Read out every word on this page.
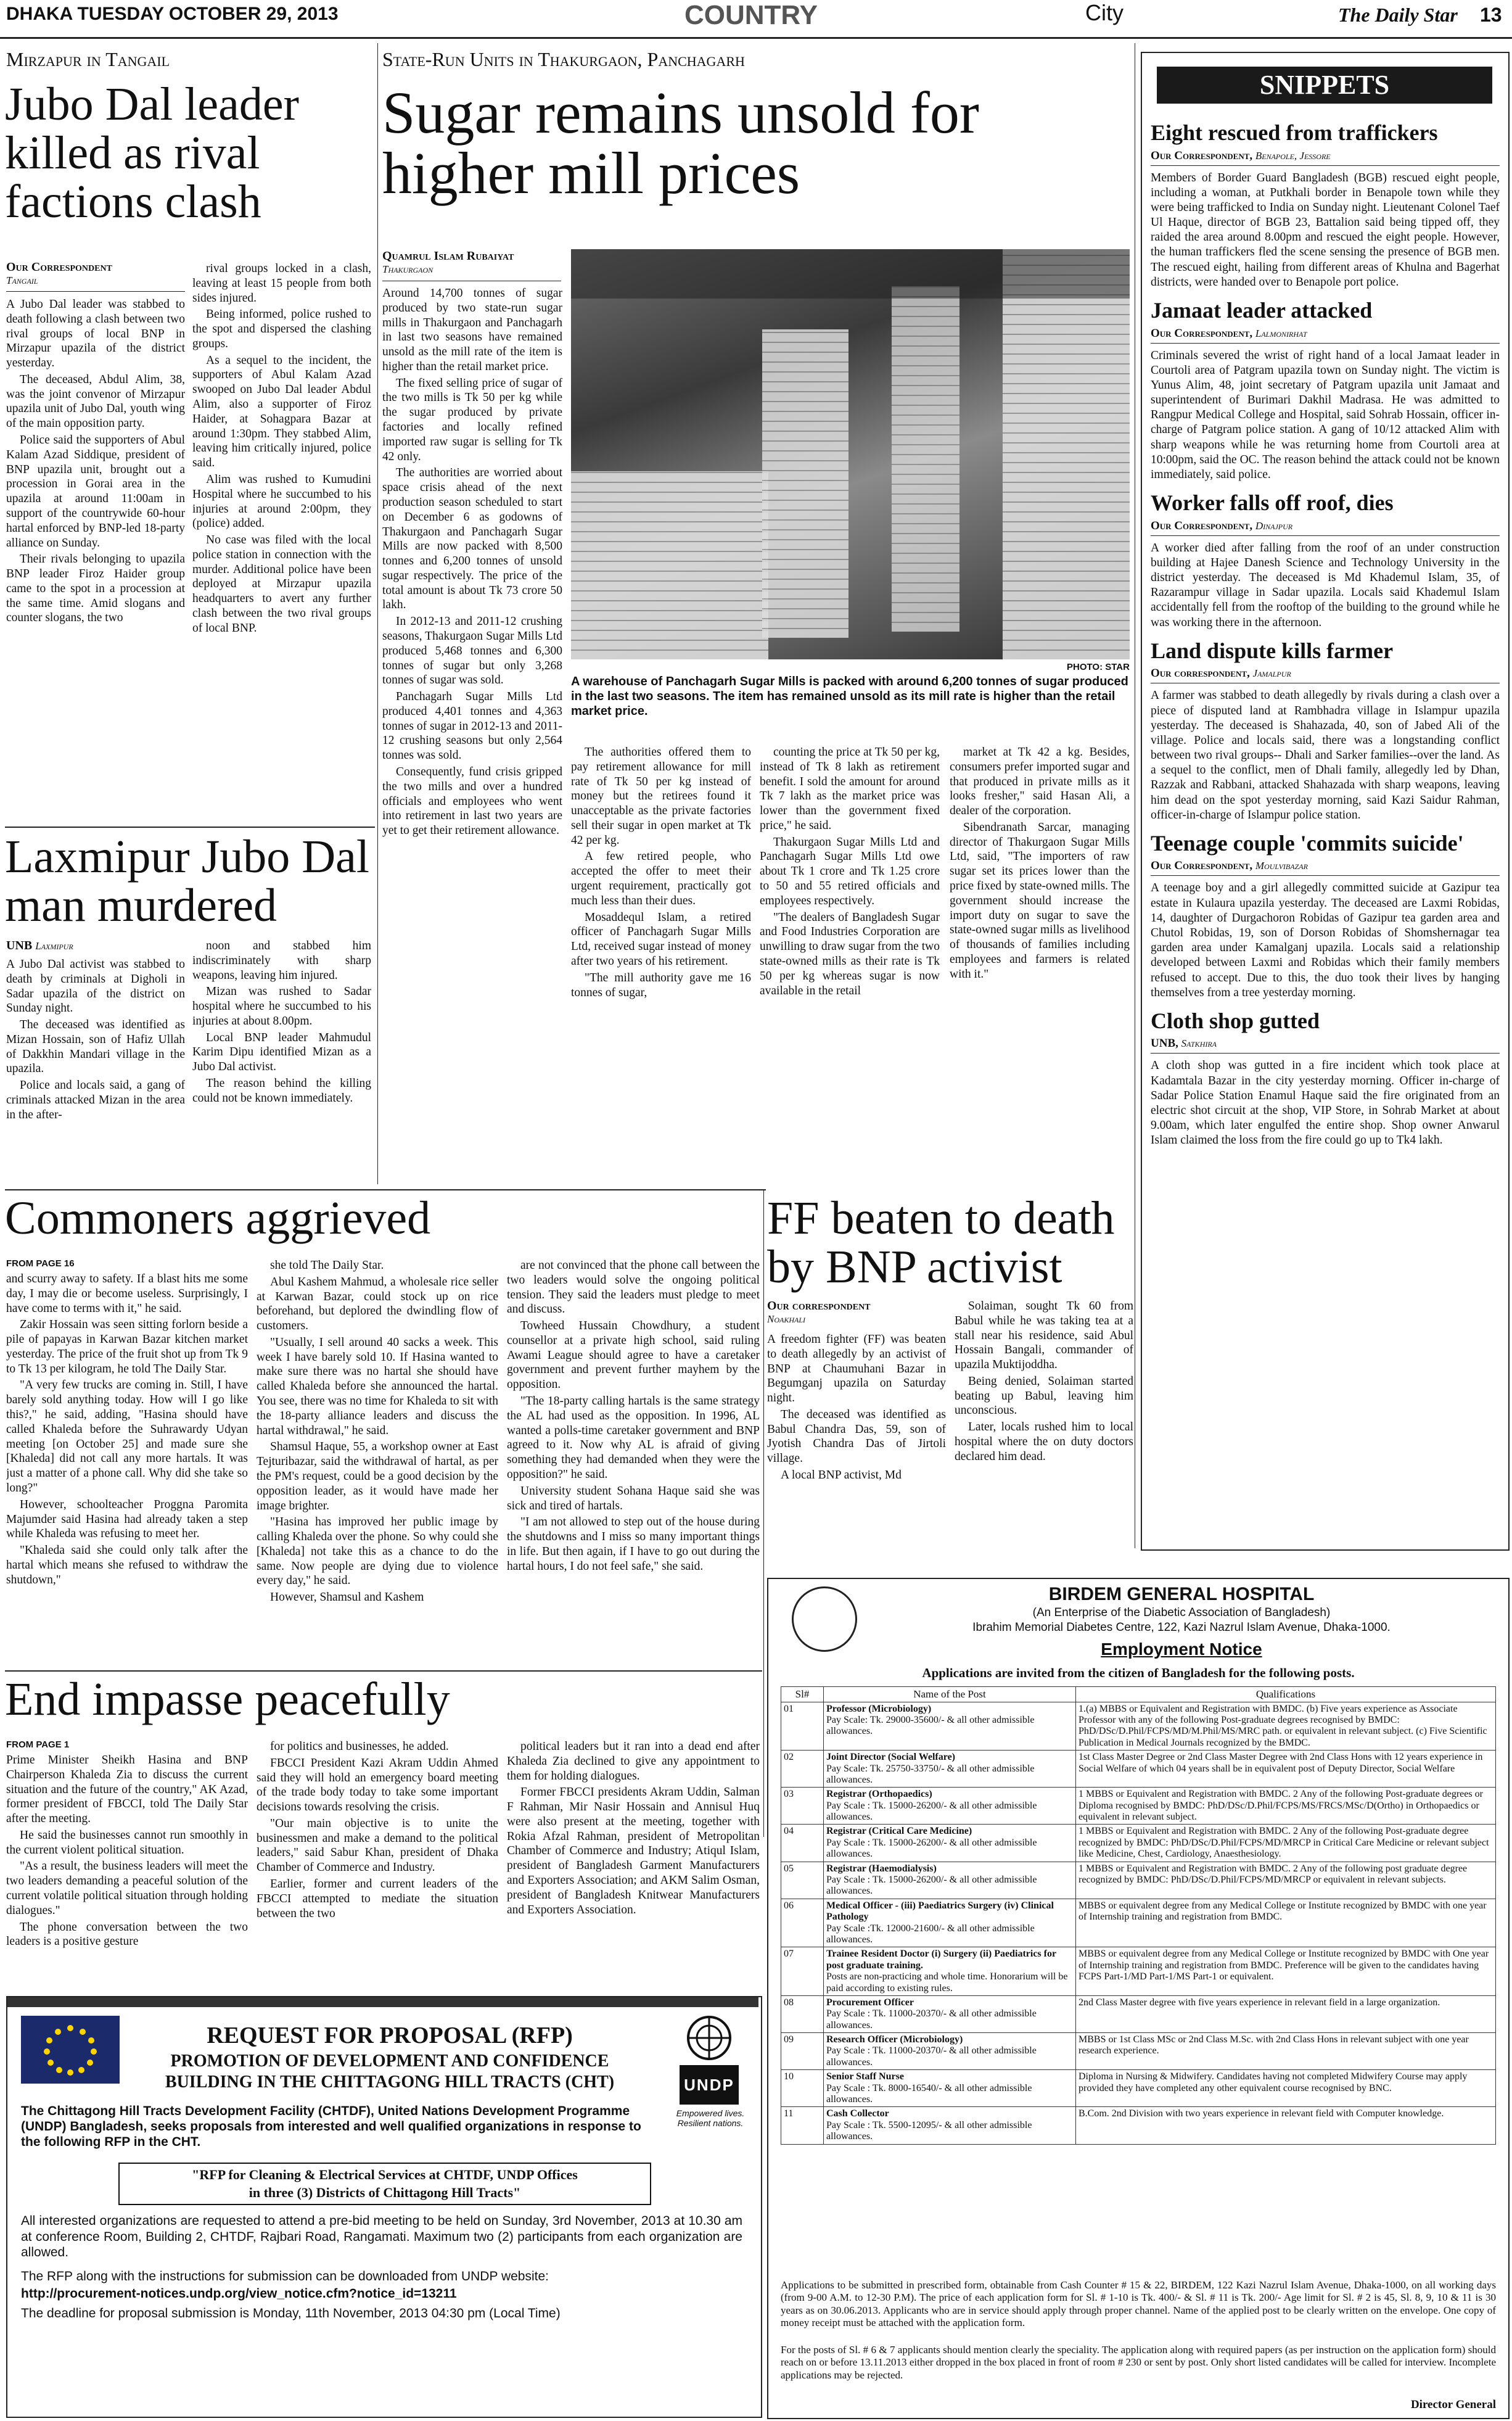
DHAKA TUESDAY OCTOBER 29, 2013	COUNTRY	City	The Daily Star 13
Mirzapur in Tangail
Jubo Dal leader killed as rival factions clash
Our Correspondent
Tangail

A Jubo Dal leader was stabbed to death following a clash between two rival groups of local BNP in Mirzapur upazila of the district yesterday.

The deceased, Abdul Alim, 38, was the joint convenor of Mirzapur upazila unit of Jubo Dal, youth wing of the main opposition party.

Police said the supporters of Abul Kalam Azad Siddique, president of BNP upazila unit, brought out a procession in Gorai area in the upazila at around 11:00am in support of the countrywide 60-hour hartal enforced by BNP-led 18-party alliance on Sunday.

Their rivals belonging to upazila BNP leader Firoz Haider group came to the spot in a procession at the same time. Amid slogans and counter slogans, the two

rival groups locked in a clash, leaving at least 15 people from both sides injured.

Being informed, police rushed to the spot and dispersed the clashing groups.

As a sequel to the incident, the supporters of Abul Kalam Azad swooped on Jubo Dal leader Abdul Alim, also a supporter of Firoz Haider, at Sohagpara Bazar at around 1:30pm. They stabbed Alim, leaving him critically injured, police said.

Alim was rushed to Kumudini Hospital where he succumbed to his injuries at around 2:00pm, they (police) added.

No case was filed with the local police station in connection with the murder. Additional police have been deployed at Mirzapur upazila headquarters to avert any further clash between the two rival groups of local BNP.

Laxmipur Jubo Dal man murdered
UNB Laxmipur

A Jubo Dal activist was stabbed to death by criminals at Digholi in Sadar upazila of the district on Sunday night.

The deceased was identified as Mizan Hossain, son of Hafiz Ullah of Dakkhin Mandari village in the upazila.

Police and locals said, a gang of criminals attacked Mizan in the area in the after-

noon and stabbed him indiscriminately with sharp weapons, leaving him injured.

Mizan was rushed to Sadar hospital where he succumbed to his injuries at about 8.00pm.

Local BNP leader Mahmudul Karim Dipu identified Mizan as a Jubo Dal activist.

The reason behind the killing could not be known immediately.

State-Run Units in Thakurgaon, Panchagarh
Sugar remains unsold for higher mill prices
Quamrul Islam Rubaiyat
Thakurgaon

Around 14,700 tonnes of sugar produced by two state-run sugar mills in Thakurgaon and Panchagarh in last two seasons have remained unsold as the mill rate of the item is higher than the retail market price.

The fixed selling price of sugar of the two mills is Tk 50 per kg while the sugar produced by private factories and locally refined imported raw sugar is selling for Tk 42 only.

The authorities are worried about space crisis ahead of the next production season scheduled to start on December 6 as godowns of Thakurgaon and Panchagarh Sugar Mills are now packed with 8,500 tonnes and 6,200 tonnes of unsold sugar respectively. The price of the total amount is about Tk 73 crore 50 lakh.

In 2012-13 and 2011-12 crushing seasons, Thakurgaon Sugar Mills Ltd produced 5,468 tonnes and 6,300 tonnes of sugar but only 3,268 tonnes of sugar was sold.

Panchagarh Sugar Mills Ltd produced 4,401 tonnes and 4,363 tonnes of sugar in 2012-13 and 2011-12 crushing seasons but only 2,564 tonnes was sold.

Consequently, fund crisis gripped the two mills and over a hundred officials and employees who went into retirement in last two years are yet to get their retirement allowance.

PHOTO: STAR
A warehouse of Panchagarh Sugar Mills is packed with around 6,200 tonnes of sugar produced in the last two seasons. The item has remained unsold as its mill rate is higher than the retail market price.

The authorities offered them to pay retirement allowance for mill rate of Tk 50 per kg instead of money but the retirees found it unacceptable as the private factories sell their sugar in open market at Tk 42 per kg.

A few retired people, who accepted the offer to meet their urgent requirement, practically got much less than their dues.

Mosaddequl Islam, a retired officer of Panchagarh Sugar Mills Ltd, received sugar instead of money after two years of his retirement.

"The mill authority gave me 16 tonnes of sugar,

counting the price at Tk 50 per kg, instead of Tk 8 lakh as retirement benefit. I sold the amount for around Tk 7 lakh as the market price was lower than the government fixed price," he said.

Thakurgaon Sugar Mills Ltd and Panchagarh Sugar Mills Ltd owe about Tk 1 crore and Tk 1.25 crore to 50 and 55 retired officials and employees respectively.

"The dealers of Bangladesh Sugar and Food Industries Corporation are unwilling to draw sugar from the two state-owned mills as their rate is Tk 50 per kg whereas sugar is now available in the retail

market at Tk 42 a kg. Besides, consumers prefer imported sugar and that produced in private mills as it looks fresher," said Hasan Ali, a dealer of the corporation.

Sibendranath Sarcar, managing director of Thakurgaon Sugar Mills Ltd, said, "The importers of raw sugar set its prices lower than the price fixed by state-owned mills. The government should increase the import duty on sugar to save the state-owned sugar mills as livelihood of thousands of families including employees and farmers is related with it."

SNIPPETS
Eight rescued from traffickers
Our Correspondent, Benapole, Jessore
Members of Border Guard Bangladesh (BGB) rescued eight people, including a woman, at Putkhali border in Benapole town while they were being trafficked to India on Sunday night. Lieutenant Colonel Taef Ul Haque, director of BGB 23, Battalion said being tipped off, they raided the area around 8.00pm and rescued the eight people. However, the human traffickers fled the scene sensing the presence of BGB men. The rescued eight, hailing from different areas of Khulna and Bagerhat districts, were handed over to Benapole port police.
Jamaat leader attacked
Our Correspondent, Lalmonirhat
Criminals severed the wrist of right hand of a local Jamaat leader in Courtoli area of Patgram upazila town on Sunday night. The victim is Yunus Alim, 48, joint secretary of Patgram upazila unit Jamaat and superintendent of Burimari Dakhil Madrasa. He was admitted to Rangpur Medical College and Hospital, said Sohrab Hossain, officer in-charge of Patgram police station. A gang of 10/12 attacked Alim with sharp weapons while he was returning home from Courtoli area at 10:00pm, said the OC. The reason behind the attack could not be known immediately, said police.
Worker falls off roof, dies
Our Correspondent, Dinajpur
A worker died after falling from the roof of an under construction building at Hajee Danesh Science and Technology University in the district yesterday. The deceased is Md Khademul Islam, 35, of Razarampur village in Sadar upazila. Locals said Khademul Islam accidentally fell from the rooftop of the building to the ground while he was working there in the afternoon.
Land dispute kills farmer
Our correspondent, Jamalpur
A farmer was stabbed to death allegedly by rivals during a clash over a piece of disputed land at Rambhadra village in Islampur upazila yesterday. The deceased is Shahazada, 40, son of Jabed Ali of the village. Police and locals said, there was a longstanding conflict between two rival groups-- Dhali and Sarker families--over the land. As a sequel to the conflict, men of Dhali family, allegedly led by Dhan, Razzak and Rabbani, attacked Shahazada with sharp weapons, leaving him dead on the spot yesterday morning, said Kazi Saidur Rahman, officer-in-charge of Islampur police station.
Teenage couple 'commits suicide'
Our Correspondent, Moulvibazar
A teenage boy and a girl allegedly committed suicide at Gazipur tea estate in Kulaura upazila yesterday. The deceased are Laxmi Robidas, 14, daughter of Durgachoron Robidas of Gazipur tea garden area and Chutol Robidas, 19, son of Dorson Robidas of Shomshernagar tea garden area under Kamalganj upazila. Locals said a relationship developed between Laxmi and Robidas which their family members refused to accept. Due to this, the duo took their lives by hanging themselves from a tree yesterday morning.
Cloth shop gutted
UNB, Satkhira
A cloth shop was gutted in a fire incident which took place at Kadamtala Bazar in the city yesterday morning. Officer in-charge of Sadar Police Station Enamul Haque said the fire originated from an electric shot circuit at the shop, VIP Store, in Sohrab Market at about 9.00am, which later engulfed the entire shop. Shop owner Anwarul Islam claimed the loss from the fire could go up to Tk4 lakh.
Commoners aggrieved
FROM PAGE 16

and scurry away to safety. If a blast hits me some day, I may die or become useless. Surprisingly, I have come to terms with it," he said.

Zakir Hossain was seen sitting forlorn beside a pile of papayas in Karwan Bazar kitchen market yesterday. The price of the fruit shot up from Tk 9 to Tk 13 per kilogram, he told The Daily Star.

"A very few trucks are coming in. Still, I have barely sold anything today. How will I go like this?," he said, adding, "Hasina should have called Khaleda before the Suhrawardy Udyan meeting [on October 25] and made sure she [Khaleda] did not call any more hartals. It was just a matter of a phone call. Why did she take so long?"

However, schoolteacher Proggna Paromita Majumder said Hasina had already taken a step while Khaleda was refusing to meet her.

"Khaleda said she could only talk after the hartal which means she refused to withdraw the shutdown,"

she told The Daily Star.

Abul Kashem Mahmud, a wholesale rice seller at Karwan Bazar, could stock up on rice beforehand, but deplored the dwindling flow of customers.

"Usually, I sell around 40 sacks a week. This week I have barely sold 10. If Hasina wanted to make sure there was no hartal she should have called Khaleda before she announced the hartal. You see, there was no time for Khaleda to sit with the 18-party alliance leaders and discuss the hartal withdrawal," he said.

Shamsul Haque, 55, a workshop owner at East Tejturibazar, said the withdrawal of hartal, as per the PM's request, could be a good decision by the opposition leader, as it would have made her image brighter.

"Hasina has improved her public image by calling Khaleda over the phone. So why could she [Khaleda] not take this as a chance to do the same. Now people are dying due to violence every day," he said.

However, Shamsul and Kashem

are not convinced that the phone call between the two leaders would solve the ongoing political tension. They said the leaders must pledge to meet and discuss.

Towheed Hussain Chowdhury, a student counsellor at a private high school, said ruling Awami League should agree to have a caretaker government and prevent further mayhem by the opposition.

"The 18-party calling hartals is the same strategy the AL had used as the opposition. In 1996, AL wanted a polls-time caretaker government and BNP agreed to it. Now why AL is afraid of giving something they had demanded when they were the opposition?" he said.

University student Sohana Haque said she was sick and tired of hartals.

"I am not allowed to step out of the house during the shutdowns and I miss so many important things in life. But then again, if I have to go out during the hartal hours, I do not feel safe," she said.

FF beaten to death by BNP activist
Our correspondent
Noakhali

A freedom fighter (FF) was beaten to death allegedly by an activist of BNP at Chaumuhani Bazar in Begumganj upazila on Saturday night.

The deceased was identified as Babul Chandra Das, 59, son of Jyotish Chandra Das of Jirtoli village.

A local BNP activist, Md

Solaiman, sought Tk 60 from Babul while he was taking tea at a stall near his residence, said Abul Hossain Bangali, commander of upazila Muktijoddha.

Being denied, Solaiman started beating up Babul, leaving him unconscious.

Later, locals rushed him to local hospital where the on duty doctors declared him dead.

End impasse peacefully
FROM PAGE 1

Prime Minister Sheikh Hasina and BNP Chairperson Khaleda Zia to discuss the current situation and the future of the country," AK Azad, former president of FBCCI, told The Daily Star after the meeting.

He said the businesses cannot run smoothly in the current violent political situation.

"As a result, the business leaders will meet the two leaders demanding a peaceful solution of the current volatile political situation through holding dialogues."

The phone conversation between the two leaders is a positive gesture

for politics and businesses, he added.

FBCCI President Kazi Akram Uddin Ahmed said they will hold an emergency board meeting of the trade body today to take some important decisions towards resolving the crisis.

"Our main objective is to unite the businessmen and make a demand to the political leaders," said Sabur Khan, president of Dhaka Chamber of Commerce and Industry.

Earlier, former and current leaders of the FBCCI attempted to mediate the situation between the two

political leaders but it ran into a dead end after Khaleda Zia declined to give any appointment to them for holding dialogues.

Former FBCCI presidents Akram Uddin, Salman F Rahman, Mir Nasir Hossain and Annisul Huq were also present at the meeting, together with Rokia Afzal Rahman, president of Metropolitan Chamber of Commerce and Industry; Atiqul Islam, president of Bangladesh Garment Manufacturers and Exporters Association; and AKM Salim Osman, president of Bangladesh Knitwear Manufacturers and Exporters Association.

BIRDEM GENERAL HOSPITAL
(An Enterprise of the Diabetic Association of Bangladesh)
Ibrahim Memorial Diabetes Centre, 122, Kazi Nazrul Islam Avenue, Dhaka-1000.
Employment Notice
Applications are invited from the citizen of Bangladesh for the following posts.
Sl#	Name of the Post	Qualifications
01	Professor (Microbiology)
Pay Scale: Tk. 29000-35600/- & all other admissible allowances.	1.(a) MBBS or Equivalent and Registration with BMDC. (b) Five years experience as Associate Professor with any of the following Post-graduate degrees recognised by BMDC: PhD/DSc/D.Phil/FCPS/MD/M.Phil/MS/MRC path. or equivalent in relevant subject. (c) Five Scientific Publication in Medical Journals recognized by the BMDC.
02	Joint Director (Social Welfare)
Pay Scale: Tk. 25750-33750/- & all other admissible allowances.	1st Class Master Degree or 2nd Class Master Degree with 2nd Class Hons with 12 years experience in Social Welfare of which 04 years shall be in equivalent post of Deputy Director, Social Welfare
03	Registrar (Orthopaedics)
Pay Scale : Tk. 15000-26200/- & all other admissible allowances.	1 MBBS or Equivalent and Registration with BMDC. 2 Any of the following Post-graduate degrees or Diploma recognised by BMDC: PhD/DSc/D.Phil/FCPS/MS/FRCS/MSc/D(Ortho) in Orthopaedics or equivalent in relevant subject.
04	Registrar (Critical Care Medicine)
Pay Scale : Tk. 15000-26200/- & all other admissible allowances.	1 MBBS or Equivalent and Registration with BMDC. 2 Any of the following Post-graduate degree recognized by BMDC: PhD/DSc/D.Phil/FCPS/MD/MRCP in Critical Care Medicine or relevant subject like Medicine, Chest, Cardiology, Anaesthesiology.
05	Registrar (Haemodialysis)
Pay Scale : Tk. 15000-26200/- & all other admissible allowances.	1 MBBS or Equivalent and Registration with BMDC. 2 Any of the following post graduate degree recognized by BMDC: PhD/DSc/D.Phil/FCPS/MD/MRCP or equivalent in relevant subjects.
06	Medical Officer - (iii) Paediatrics Surgery (iv) Clinical Pathology
Pay Scale :Tk. 12000-21600/- & all other admissible allowances.	MBBS or equivalent degree from any Medical College or Institute recognized by BMDC with one year of Internship training and registration from BMDC.
07	Trainee Resident Doctor (i) Surgery (ii) Paediatrics for post graduate training.
Posts are non-practicing and whole time. Honorarium will be paid according to existing rules.	MBBS or equivalent degree from any Medical College or Institute recognized by BMDC with One year of Internship training and registration from BMDC. Preference will be given to the candidates having FCPS Part-1/MD Part-1/MS Part-1 or equivalent.
08	Procurement Officer
Pay Scale : Tk. 11000-20370/- & all other admissible allowances.	2nd Class Master degree with five years experience in relevant field in a large organization.
09	Research Officer (Microbiology)
Pay Scale : Tk. 11000-20370/- & all other admissible allowances.	MBBS or 1st Class MSc or 2nd Class M.Sc. with 2nd Class Hons in relevant subject with one year research experience.
10	Senior Staff Nurse
Pay Scale : Tk. 8000-16540/- & all other admissible allowances.	Diploma in Nursing & Midwifery. Candidates having not completed Midwifery Course may apply provided they have completed any other equivalent course recognised by BNC.
11	Cash Collector
Pay Scale : Tk. 5500-12095/- & all other admissible allowances.	B.Com. 2nd Division with two years experience in relevant field with Computer knowledge.
Applications to be submitted in prescribed form, obtainable from Cash Counter # 15 & 22, BIRDEM, 122 Kazi Nazrul Islam Avenue, Dhaka-1000, on all working days (from 9-00 A.M. to 12-30 P.M). The price of each application form for Sl. # 1-10 is Tk. 400/- & Sl. # 11 is Tk. 200/- Age limit for Sl. # 2 is 45, Sl. 8, 9, 10 & 11 is 30 years as on 30.06.2013. Applicants who are in service should apply through proper channel. Name of the applied post to be clearly written on the envelope. One copy of money receipt must be attached with the application form.
For the posts of Sl. # 6 & 7 applicants should mention clearly the speciality. The application along with required papers (as per instruction on the application form) should reach on or before 13.11.2013 either dropped in the box placed in front of room # 230 or sent by post. Only short listed candidates will be called for interview. Incomplete applications may be rejected.
Director General
REQUEST FOR PROPOSAL (RFP)
PROMOTION OF DEVELOPMENT AND CONFIDENCE
BUILDING IN THE CHITTAGONG HILL TRACTS (CHT)	UNDP
Empowered lives.
Resilient nations.
The Chittagong Hill Tracts Development Facility (CHTDF), United Nations Development Programme (UNDP) Bangladesh, seeks proposals from interested and well qualified organizations in response to the following RFP in the CHT.
"RFP for Cleaning & Electrical Services at CHTDF, UNDP Offices
in three (3) Districts of Chittagong Hill Tracts"
All interested organizations are requested to attend a pre-bid meeting to be held on Sunday, 3rd November, 2013 at 10.30 am at conference Room, Building 2, CHTDF, Rajbari Road, Rangamati. Maximum two (2) participants from each organization are allowed.
The RFP along with the instructions for submission can be downloaded from UNDP website:
http://procurement-notices.undp.org/view_notice.cfm?notice_id=13211
The deadline for proposal submission is Monday, 11th November, 2013 04:30 pm (Local Time)
